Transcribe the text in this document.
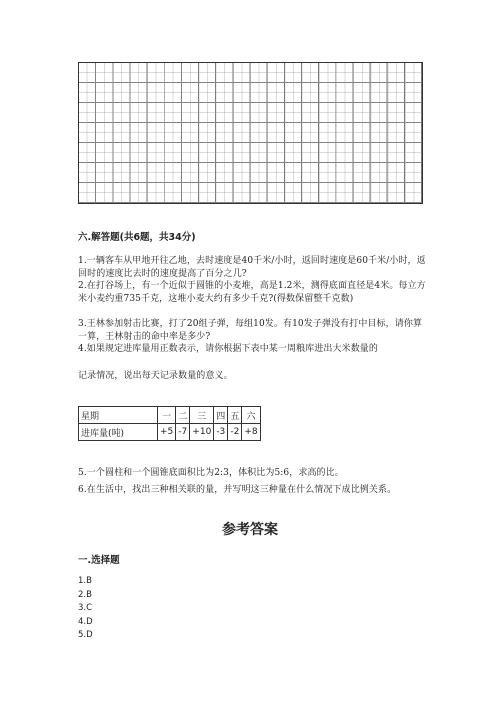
六.解答题(共6题，共34分)
1.一辆客车从甲地开往乙地，去时速度是40千米/小时，返回时速度是60千米/小时，返回时的速度比去时的速度提高了百分之几?
2.在打谷场上，有一个近似于圆锥的小麦堆，高是1.2米，测得底面直径是4米。每立方米小麦约重735千克，这堆小麦大约有多少千克?(得数保留整千克数)
3.王林参加射击比赛，打了20组子弹，每组10发。有10发子弹没有打中目标，请你算一算，王林射击的命中率是多少?
4.如果规定进库量用正数表示，请你根据下表中某一周粮库进出大米数量的
记录情况，说出每天记录数量的意义。
星期	一	二	三	四	五	六
进库量(吨)	+5	-7	+10	-3	-2	+8
5.一个圆柱和一个圆锥底面积比为2:3，体积比为5:6，求高的比。
6.在生活中，找出三种相关联的量，并写明这三种量在什么情况下成比例关系。
参考答案
一.选择题
1.B
2.B
3.C
4.D
5.D
